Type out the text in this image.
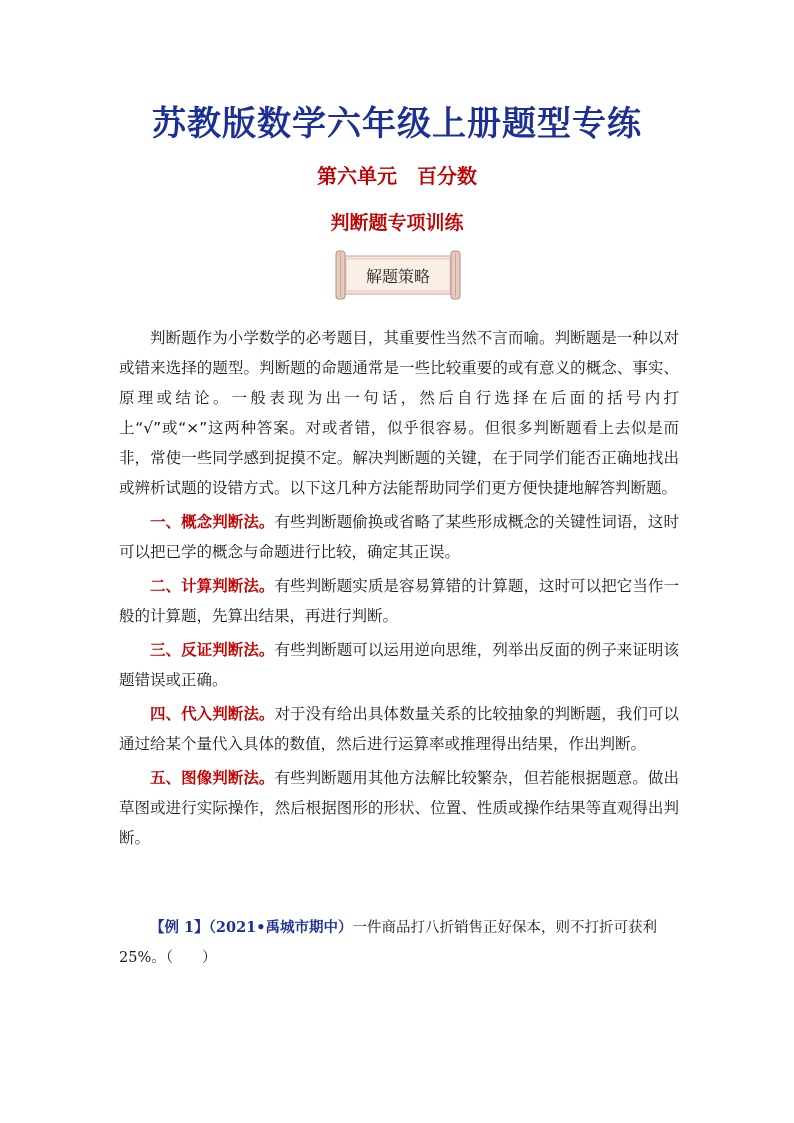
苏教版数学六年级上册题型专练
第六单元 百分数
判断题专项训练
解题策略

判断题作为小学数学的必考题目，其重要性当然不言而喻。判断题是一种以对或错来选择的题型。判断题的命题通常是一些比较重要的或有意义的概念、事实、原理或结论。一般表现为出一句话，然后自行选择在后面的括号内打上“√”或“×”这两种答案。对或者错，似乎很容易。但很多判断题看上去似是而非，常使一些同学感到捉摸不定。解决判断题的关键，在于同学们能否正确地找出或辨析试题的设错方式。以下这几种方法能帮助同学们更方便快捷地解答判断题。

一、概念判断法。有些判断题偷换或省略了某些形成概念的关键性词语，这时可以把已学的概念与命题进行比较，确定其正误。

二、计算判断法。有些判断题实质是容易算错的计算题，这时可以把它当作一般的计算题，先算出结果，再进行判断。

三、反证判断法。有些判断题可以运用逆向思维，列举出反面的例子来证明该题错误或正确。

四、代入判断法。对于没有给出具体数量关系的比较抽象的判断题，我们可以通过给某个量代入具体的数值，然后进行运算率或推理得出结果，作出判断。

五、图像判断法。有些判断题用其他方法解比较繁杂，但若能根据题意。做出草图或进行实际操作，然后根据图形的形状、位置、性质或操作结果等直观得出判断。

【例 1】（2021•禹城市期中）一件商品打八折销售正好保本，则不打折可获利 25%。（　　）
